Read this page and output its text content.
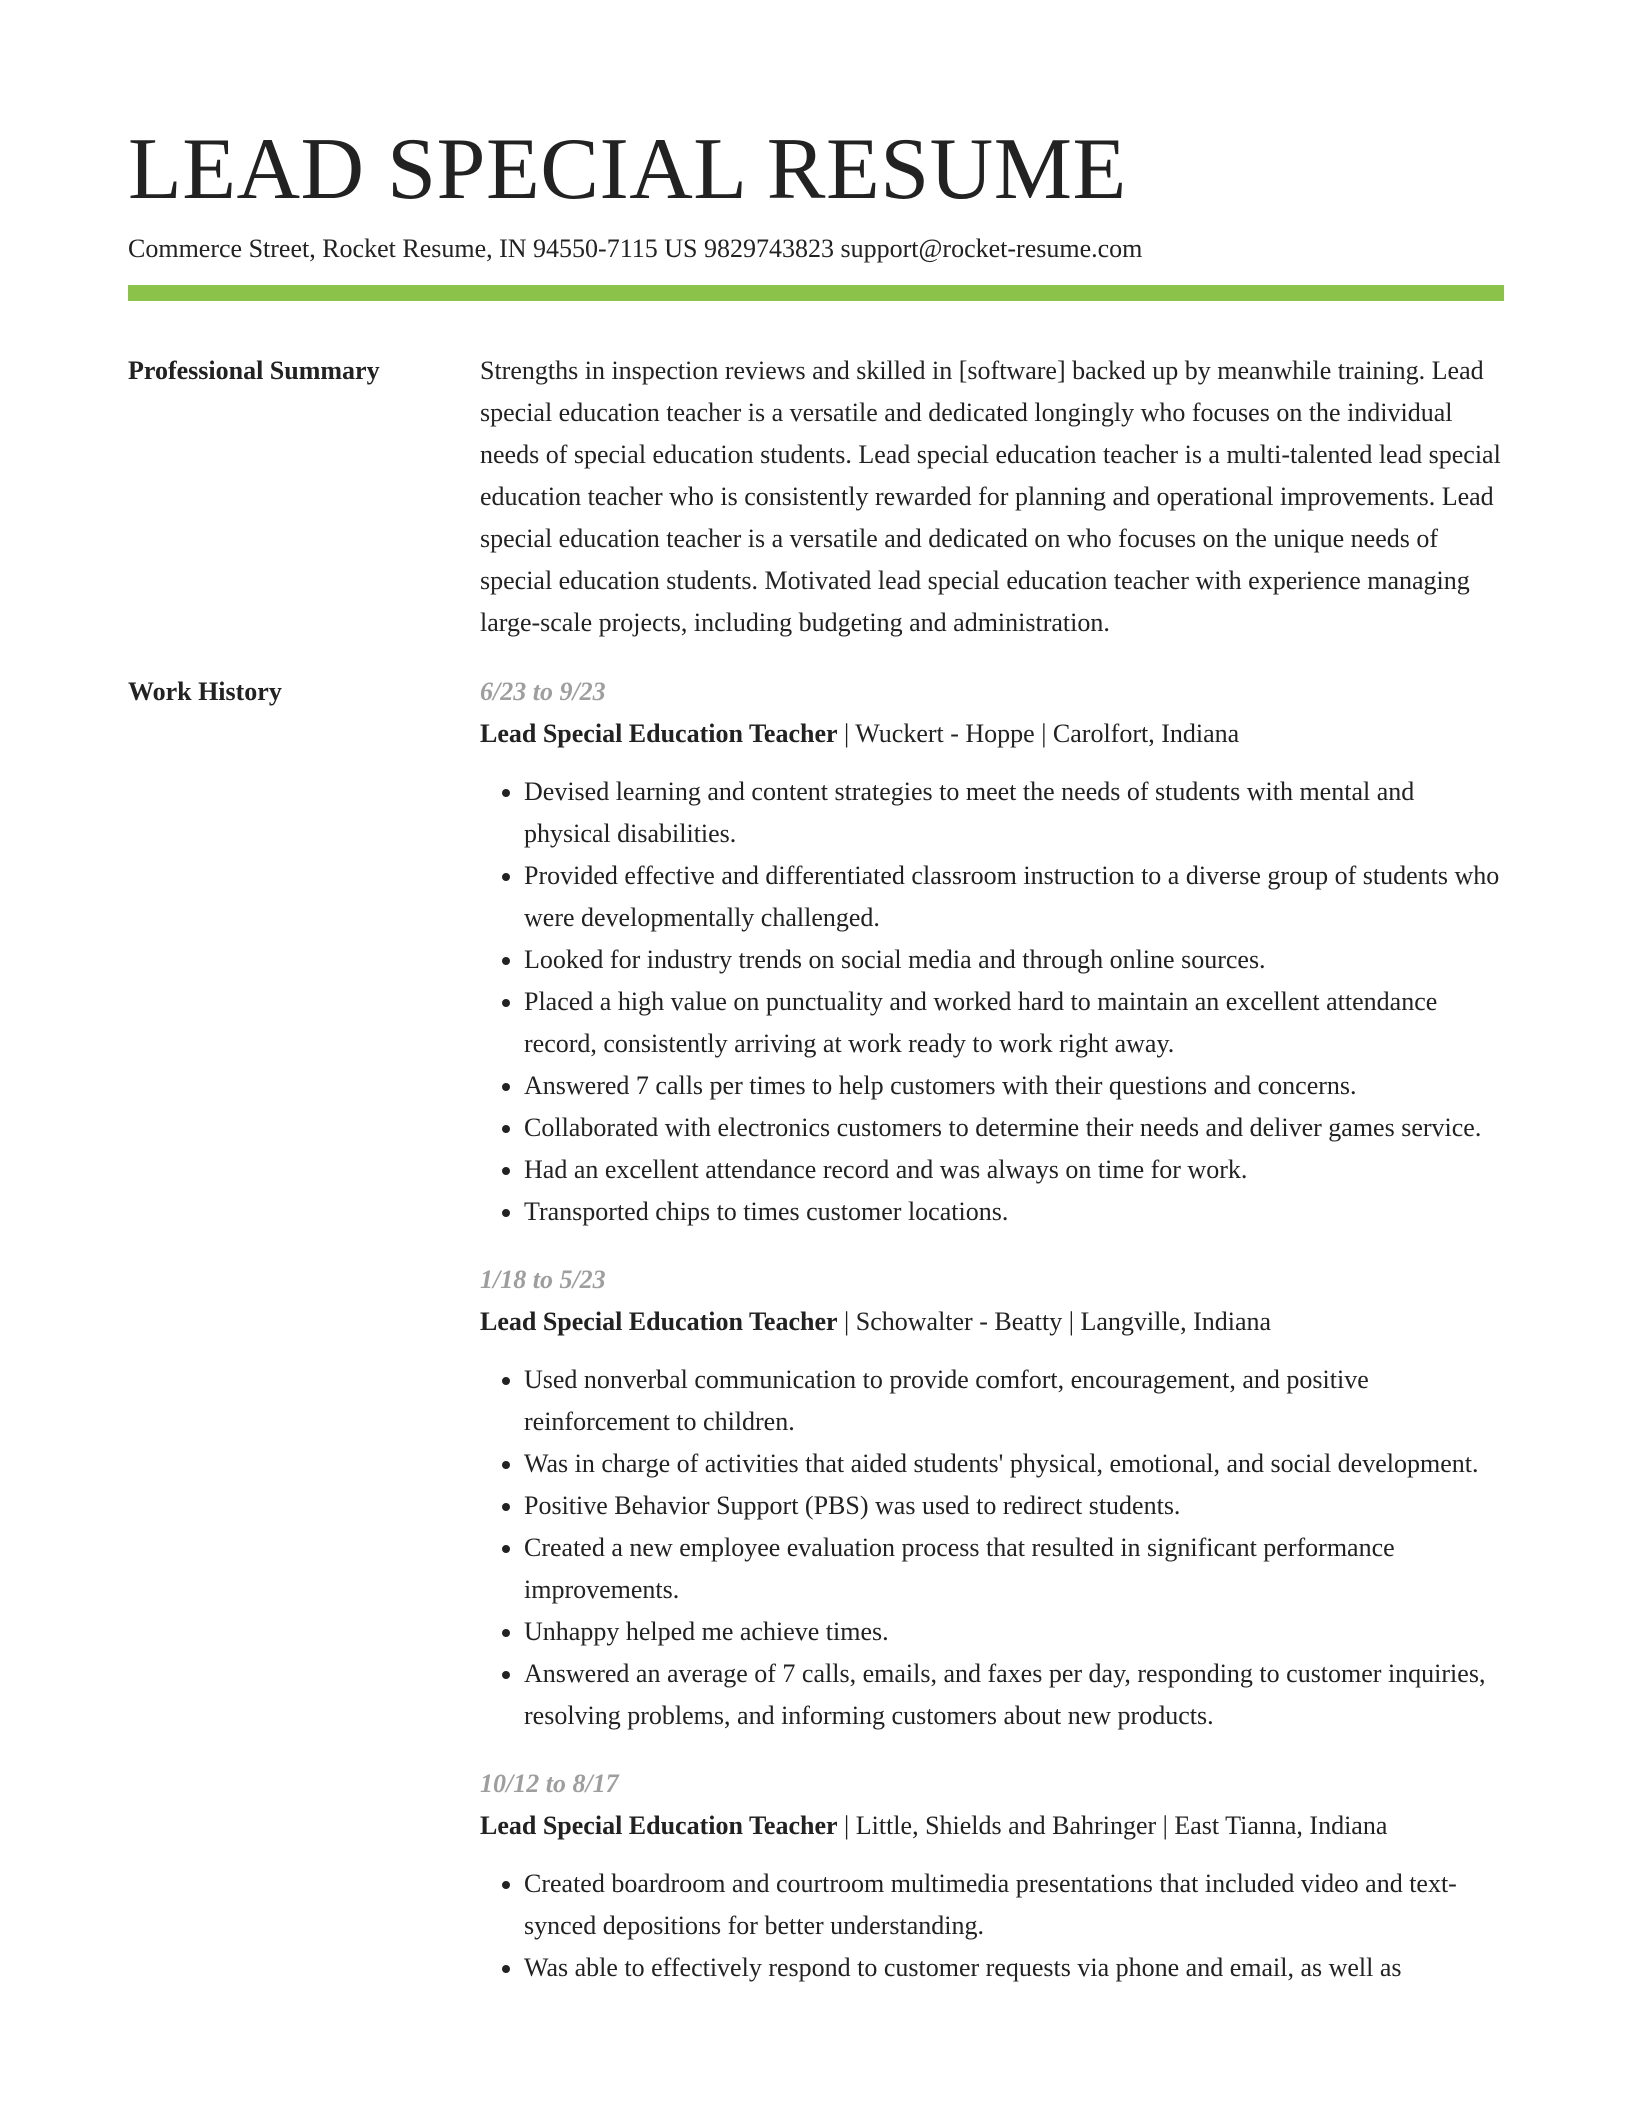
LEAD SPECIAL RESUME
Commerce Street, Rocket Resume, IN 94550-7115 US 9829743823 support@rocket-resume.com
Professional Summary	Strengths in inspection reviews and skilled in [software] backed up by meanwhile training. Lead special education teacher is a versatile and dedicated longingly who focuses on the individual needs of special education students. Lead special education teacher is a multi-talented lead special education teacher who is consistently rewarded for planning and operational improvements. Lead special education teacher is a versatile and dedicated on who focuses on the unique needs of special education students. Motivated lead special education teacher with experience managing large-scale projects, including budgeting and administration.

Work History	6/23 to 9/23
Lead Special Education Teacher | Wuckert - Hoppe | Carolfort, Indiana
• Devised learning and content strategies to meet the needs of students with mental and physical disabilities.
• Provided effective and differentiated classroom instruction to a diverse group of students who were developmentally challenged.
• Looked for industry trends on social media and through online sources.
• Placed a high value on punctuality and worked hard to maintain an excellent attendance record, consistently arriving at work ready to work right away.
• Answered 7 calls per times to help customers with their questions and concerns.
• Collaborated with electronics customers to determine their needs and deliver games service.
• Had an excellent attendance record and was always on time for work.
• Transported chips to times customer locations.
1/18 to 5/23
Lead Special Education Teacher | Schowalter - Beatty | Langville, Indiana
• Used nonverbal communication to provide comfort, encouragement, and positive reinforcement to children.
• Was in charge of activities that aided students' physical, emotional, and social development.
• Positive Behavior Support (PBS) was used to redirect students.
• Created a new employee evaluation process that resulted in significant performance improvements.
• Unhappy helped me achieve times.
• Answered an average of 7 calls, emails, and faxes per day, responding to customer inquiries, resolving problems, and informing customers about new products.
10/12 to 8/17
Lead Special Education Teacher | Little, Shields and Bahringer | East Tianna, Indiana
• Created boardroom and courtroom multimedia presentations that included video and text-synced depositions for better understanding.
• Was able to effectively respond to customer requests via phone and email, as well as
